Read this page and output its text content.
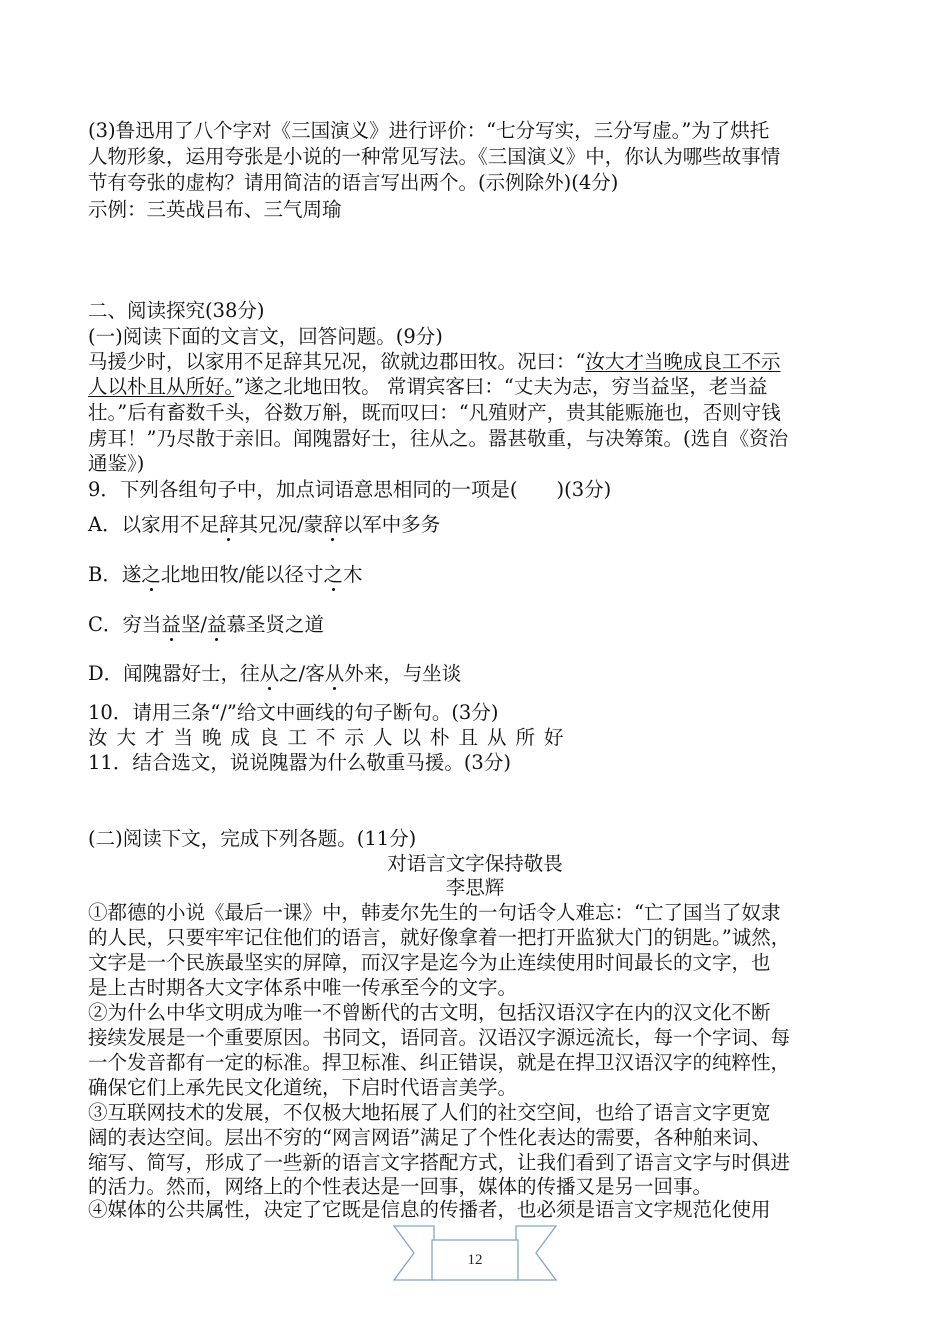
(3)鲁迅用了八个字对《三国演义》进行评价：“七分写实，三分写虚。”为了烘托
人物形象，运用夸张是小说的一种常见写法。《三国演义》中，你认为哪些故事情
节有夸张的虚构？请用简洁的语言写出两个。(示例除外)(4分)
示例：三英战吕布、三气周瑜
二、阅读探究(38分)
(一)阅读下面的文言文，回答问题。(9分)
马援少时，以家用不足辞其兄况，欲就边郡田牧。况曰：“汝大才当晚成良工不示
人以朴且从所好。”遂之北地田牧。 常谓宾客曰：“丈夫为志，穷当益坚，老当益
壮。”后有畜数千头，谷数万斛，既而叹曰：“凡殖财产，贵其能赈施也，否则守钱
虏耳！”乃尽散于亲旧。闻隗嚣好士，往从之。嚣甚敬重，与决筹策。(选自《资治
通鉴》)
9．下列各组句子中，加点词语意思相同的一项是(　　)(3分)
A．以家用不足辞其兄况/蒙辞以军中多务
B．遂之北地田牧/能以径寸之木
C．穷当益坚/益慕圣贤之道
D．闻隗嚣好士，往从之/客从外来，与坐谈
10．请用三条“/”给文中画线的句子断句。(3分)
汝大才当晚成良工不示人以朴且从所好
11．结合选文，说说隗嚣为什么敬重马援。(3分)
(二)阅读下文，完成下列各题。(11分)
对语言文字保持敬畏
李思辉
①都德的小说《最后一课》中，韩麦尔先生的一句话令人难忘：“亡了国当了奴隶
的人民，只要牢牢记住他们的语言，就好像拿着一把打开监狱大门的钥匙。”诚然，
文字是一个民族最坚实的屏障，而汉字是迄今为止连续使用时间最长的文字，也
是上古时期各大文字体系中唯一传承至今的文字。
②为什么中华文明成为唯一不曾断代的古文明，包括汉语汉字在内的汉文化不断
接续发展是一个重要原因。书同文，语同音。汉语汉字源远流长，每一个字词、每
一个发音都有一定的标准。捍卫标准、纠正错误，就是在捍卫汉语汉字的纯粹性，
确保它们上承先民文化道统，下启时代语言美学。
③互联网技术的发展，不仅极大地拓展了人们的社交空间，也给了语言文字更宽
阔的表达空间。层出不穷的“网言网语”满足了个性化表达的需要，各种舶来词、
缩写、简写，形成了一些新的语言文字搭配方式，让我们看到了语言文字与时俱进
的活力。然而，网络上的个性表达是一回事，媒体的传播又是另一回事。
④媒体的公共属性，决定了它既是信息的传播者，也必须是语言文字规范化使用
12
